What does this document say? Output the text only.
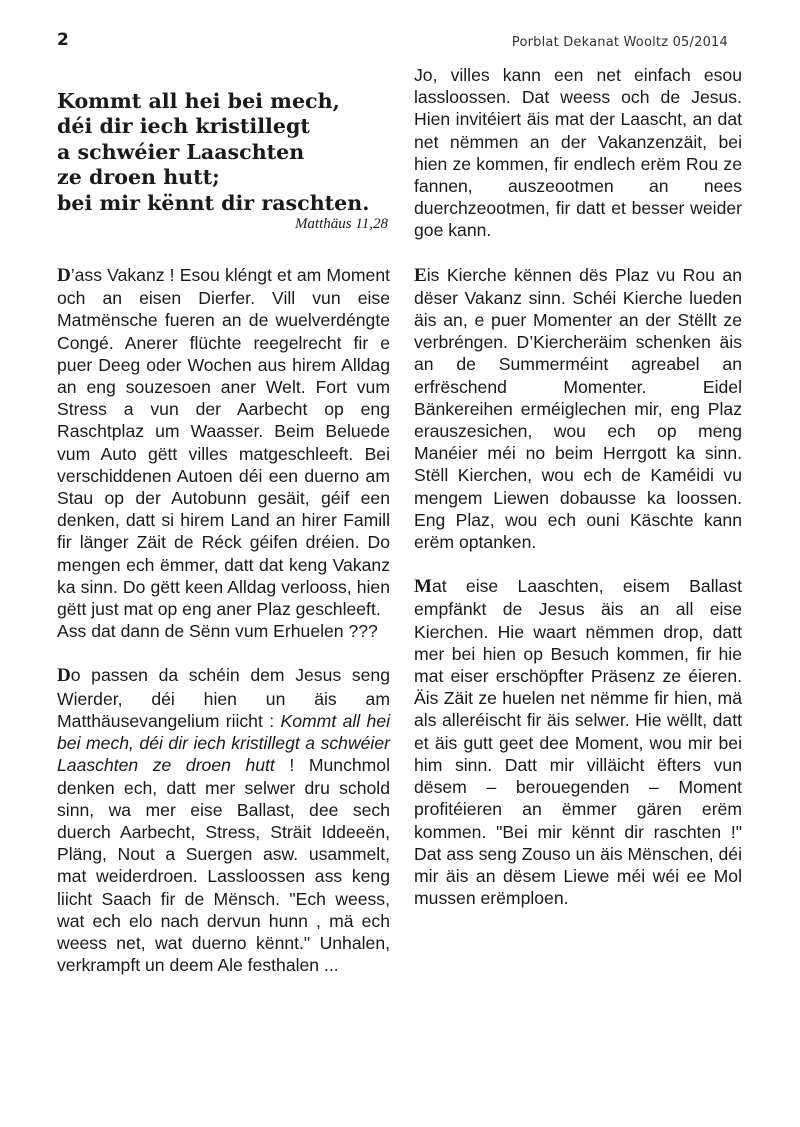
2	Porblat Dekanat Wooltz 05/2014
Kommt all hei bei mech,
déi dir iech kristillegt
a schwéier Laaschten
ze droen hutt;
bei mir kënnt dir raschten.
Matthäus 11,28

D’ass Vakanz ! Esou kléngt et am Moment och an eisen Dierfer. Vill vun eise Matmënsche fueren an de wuelverdéngte Congé. Anerer flüchte reegelrecht fir e puer Deeg oder Wochen aus hirem Alldag an eng souzesoen aner Welt. Fort vum Stress a vun der Aarbecht op eng Raschtplaz um Waasser. Beim Beluede vum Auto gëtt villes matgeschleeft. Bei verschiddenen Autoen déi een duerno am Stau op der Autobunn gesäit, géif een denken, datt si hirem Land an hirer Famill fir länger Zäit de Réck géifen dréien. Do mengen ech ëmmer, datt dat keng Vakanz ka sinn. Do gëtt keen Alldag verlooss, hien gëtt just mat op eng aner Plaz geschleeft.

Ass dat dann de Sënn vum Erhuelen ???

Do passen da schéin dem Jesus seng Wierder, déi hien un äis am Matthäusevangelium riicht : Kommt all hei bei mech, déi dir iech kristillegt a schwéier Laaschten ze droen hutt ! Munchmol denken ech, datt mer selwer dru schold sinn, wa mer eise Ballast, dee sech duerch Aarbecht, Stress, Sträit Iddeeën, Pläng, Nout a Suergen asw. usammelt, mat weiderdroen. Lassloossen ass keng liicht Saach fir de Mënsch. "Ech weess, wat ech elo nach dervun hunn , mä ech weess net, wat duerno kënnt." Unhalen, verkrampft un deem Ale festhalen ...

Jo, villes kann een net einfach esou lassloossen. Dat weess och de Jesus. Hien invitéiert äis mat der Laascht, an dat net nëmmen an der Vakanzenzäit, bei hien ze kommen, fir endlech erëm Rou ze fannen, auszeootmen an nees duerchzeootmen, fir datt et besser weider goe kann.

Eis Kierche kënnen dës Plaz vu Rou an dëser Vakanz sinn. Schéi Kierche lueden äis an, e puer Momenter an der Stëllt ze verbréngen. D’Kiercheräim schenken äis an de Summerméint agreabel an erfrëschend Momenter. Eidel Bänkereihen erméiglechen mir, eng Plaz erauszesichen, wou ech op meng Manéier méi no beim Herrgott ka sinn. Stëll Kierchen, wou ech de Kaméidi vu mengem Liewen dobausse ka loossen. Eng Plaz, wou ech ouni Käschte kann erëm optanken.

Mat eise Laaschten, eisem Ballast empfänkt de Jesus äis an all eise Kierchen. Hie waart nëmmen drop, datt mer bei hien op Besuch kommen, fir hie mat eiser erschöpfter Präsenz ze éieren. Äis Zäit ze huelen net nëmme fir hien, mä als alleréischt fir äis selwer. Hie wëllt, datt et äis gutt geet dee Moment, wou mir bei him sinn. Datt mir villäicht ëfters vun dësem – berouegenden – Moment profitéieren an ëmmer gären erëm kommen. "Bei mir kënnt dir raschten !" Dat ass seng Zouso un äis Mënschen, déi mir äis an dësem Liewe méi wéi ee Mol mussen erëmploen.
